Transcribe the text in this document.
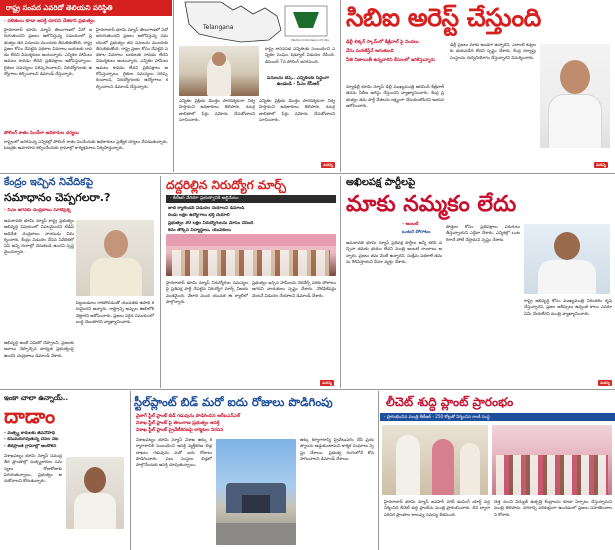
రాష్ట్ర సంపద ఎవరిదో తెలియని పరిస్థితి
- దళితులు కూడా ఆసక్తి చూపని చేతకాని ప్రభుత్వం
హైదరాబాద్ భూమి న్యూస్ తెలంగాణలో ఏదో జరుగుతుందని ప్రజలు ఆలోచిస్తున్న సమయంలో ప్రభుత్వం తన పనులను ముందుకు తీసుకెళుతోంది. రాష్ట్ర ప్రజల కోసం చేపట్టిన పథకాల వివరాలు బయటకు రావడం లేదని విమర్శకులు అంటున్నారు. ఎన్నికల హామీలు అమలు కావడం లేదని ప్రతిపక్షాలు ఆరోపిస్తున్నాయి. రైతుల సమస్యలు పరిష్కరించాలని, నిరుద్యోగులకు ఉద్యోగాలు కల్పించాలని డిమాండ్ చేస్తున్నారు.
హైదరాబాద్ భూమి న్యూస్ తెలంగాణలో ఏదో జరుగుతుందని ప్రజలు ఆలోచిస్తున్న సమయంలో ప్రభుత్వం తన పనులను ముందుకు తీసుకెళుతోంది. రాష్ట్ర ప్రజల కోసం చేపట్టిన పథకాల వివరాలు బయటకు రావడం లేదని విమర్శకులు అంటున్నారు. ఎన్నికల హామీలు అమలు కావడం లేదని ప్రతిపక్షాలు ఆరోపిస్తున్నాయి. రైతుల సమస్యలు పరిష్కరించాలని, నిరుద్యోగులకు ఉద్యోగాలు కల్పించాలని డిమాండ్ చేస్తున్నారు.
పోలింగ్ శాతం పెంచేలా అధికారుల చర్యలు
రాష్ట్రంలో జరగనున్న ఎన్నికల్లో పోలింగ్ శాతం పెంచేందుకు అధికారులు ప్రత్యేక చర్యలు చేపడుతున్నారు. ఓటర్లకు అవగాహన కల్పించేందుకు గ్రామాల్లో కార్యక్రమాలు నిర్వహిస్తున్నారు.
Telangana
Election Commission of India
రాష్ట్ర శాసనసభ ఎన్నికలకు సంబంధించి ఎన్నికల సంఘం షెడ్యూల్ విడుదల చేసింది. డిసెంబర్ 7న పోలింగ్ జరగనుంది.
పనులను బేష్.. ఎన్నికలకు సిద్ధంగా ఉండండి - సీఎం కేసీఆర్
ఎన్నికల ప్రక్రియ మొత్తం పారదర్శకంగా నిర్వహిస్తామని అధికారులు తెలిపారు. ఓటర్ల జాబితాలో పేర్లు నమోదు చేసుకోవాలని సూచించారు.
ఎన్నికల ప్రక్రియ మొత్తం పారదర్శకంగా నిర్వహిస్తామని అధికారులు తెలిపారు. ఓటర్ల జాబితాలో పేర్లు నమోదు చేసుకోవాలని సూచించారు.
మరిన్ని
సిబిఐ అరెస్ట్ చేస్తుంది
ఢిల్లీ లిక్కర్ స్కామ్‌లో కేజ్రీవాల్ పై నిందలు
నేను మరణిస్తేనే ఆగుతుంది
నీతి నిజాయితీ ఉన్నవారిని కేసులలో ఇరికిస్తున్నారు
న్యూఢిల్లీ భూమి న్యూస్ ఢిల్లీ ముఖ్యమంత్రి అరవింద్ కేజ్రీవాల్ తనను సీబీఐ అరెస్టు చేస్తుందని వ్యాఖ్యానించారు. కేంద్ర ప్రభుత్వం తమ పార్టీ నేతలను లక్ష్యంగా చేసుకుంటోందని ఆయన ఆరోపించారు.
ఢిల్లీ ప్రజలు మాకు అండగా ఉన్నారని, ఎలాంటి కుట్రలకు భయపడేది లేదని స్పష్టం చేశారు. కేంద్ర దర్యాప్తు సంస్థలను దుర్వినియోగం చేస్తున్నారని విమర్శించారు.
మరిన్ని
కేంద్రం ఇచ్చిన నివేదికపై
సమాధానం చెప్పగలరా.?
- సీఎం జగన్‌కు చంద్రబాబు సూటిప్రశ్న
అమరావతి భూమి న్యూస్ రాష్ట్ర ప్రభుత్వం అభివృద్ధి విషయంలో విఫలమైందని టీడీపీ అధినేత చంద్రబాబు నాయుడు విమర్శించారు. కేంద్రం విడుదల చేసిన నివేదికలో ఏపీ అన్ని రంగాల్లో వెనుకబడి ఉందని స్పష్టమైందన్నారు.
పెట్టుబడులు రాకపోవడంతో యువతకు ఉపాధి కరువైందని అన్నారు. రాష్ట్రాన్ని అప్పుల ఊబిలోకి నెట్టారని ఆరోపించారు. ప్రజలు సరైన సమయంలో బుద్ధి చెబుతారని వ్యాఖ్యానించారు.
అభివృద్ధి అంటే ఏమిటో చెప్పాలని, ప్రజలకు జవాబు చెప్పాల్సిన బాధ్యత ప్రభుత్వంపై ఉందని చంద్రబాబు డిమాండ్ చేశారు.
దద్దరిల్లిన నిరుద్యోగ మార్చ్
- కేటీఆర్ వేదికగా ప్రభుత్వానికి అల్టిమేటం
జాబ్ క్యాలెండర్ విడుదల చేయాలని డిమాండ్
రెండు లక్షల ఉద్యోగాలు భర్తీ చేయాలి
ప్రభుత్వం 30 లక్షల నిరుద్యోగులను మోసం చేసింది
కదం తొక్కిన విద్యార్థులు, యువకులు
హైదరాబాద్ భూమి న్యూస్ నిరుద్యోగుల సమస్యలపై ప్రతిపక్ష పార్టీ చేపట్టిన నిరుద్యోగ మార్చ్ విజయవంతమైంది. వేలాది మంది యువత ఈ ర్యాలీలో పాల్గొన్నారు.
ప్రభుత్వం ఇచ్చిన హామీలను నెరవేర్చే వరకు పోరాటం ఆగదని నాయకులు స్పష్టం చేశారు. నోటిఫికేషన్లు వెంటనే విడుదల చేయాలని డిమాండ్ చేశారు.
మరిన్ని
అఖిలపక్ష పార్టీలపై
మాకు నమ్మకం లేదు
- అంబటి
ఒంటరి పోరాటం
అమరావతి భూమి న్యూస్ ప్రతిపక్ష పార్టీలు అన్నీ కలిసి వచ్చినా తమకు భయం లేదని మంత్రి అంబటి రాంబాబు అన్నారు. ప్రజలు తమ వెంటే ఉన్నారని, సంక్షేమ పథకాలే తమను గెలిపిస్తాయని ధీమా వ్యక్తం చేశారు.
పొత్తుల కోసం ప్రతిపక్షాలు పరుగులు తీస్తున్నాయని ఎద్దేవా చేశారు. ఎన్నికల్లో ఒంటరిగానే పోటీ చేస్తామని స్పష్టం చేశారు.
రాష్ట్ర అభివృద్ధి కోసం ముఖ్యమంత్రి నిరంతరం కృషి చేస్తున్నారని, ప్రజల ఆశీస్సులు ఉన్నంత కాలం ఎవరూ ఏమీ చేయలేరని మంత్రి వ్యాఖ్యానించారు.
మరిన్ని
ఇంకా చాలా ఉన్నాయ్..
దాడాం
- మత్స్య కారులకు జీవనోపాధి
- కనుమరుగవుతున్న చేపల వేట
- తీరప్రాంత గ్రామాల్లో ఆందోళన
విశాఖపట్నం భూమి న్యూస్ సముద్ర తీర ప్రాంతాల్లో మత్స్యకారుల సమస్యలు రోజురోజుకు పెరుగుతున్నాయి. ప్రభుత్వం ఆదుకోవాలని కోరుతున్నారు.
స్టీల్‌ప్లాంట్ బిడ్ మరో ఐదు రోజులు పొడిగింపు
వైజాగ్ స్టీల్ ప్లాంట్ బిడ్ గడువును పొడిగించిన ఆర్ఐఎన్ఎల్
విశాఖ స్టీల్ ప్లాంట్ పై తెలంగాణ ప్రభుత్వం ఆసక్తి
విశాఖ స్టీల్ ప్లాంట్ ప్రైవేటీకరణపై కార్మికుల నిరసన
విశాఖపట్నం భూమి న్యూస్ విశాఖ ఉక్కు కర్మాగారానికి సంబంధించి ఆసక్తి వ్యక్తీకరణ బిడ్ల దాఖలు గడువును మరో ఐదు రోజులు పొడిగించారు. పలు సంస్థలు బిడ్లలో పాల్గొనేందుకు ఆసక్తి చూపుతున్నాయి.
ఉక్కు కర్మాగారాన్ని ప్రైవేటుపరం చేసే ప్రయత్నాలను అడ్డుకుంటామని కార్మిక సంఘాలు స్పష్టం చేశాయి. ప్రభుత్వ రంగంలోనే కొనసాగించాలని డిమాండ్ చేశాయి.
లీచెట్ శుద్ధి ప్లాంట్ ప్రారంభం
- ప్రారంభించిన మంత్రి కేటీఆర్ - 250 కోట్లతో నిర్మించిన రాంకీ సంస్థ
హైదరాబాద్ భూమి న్యూస్ జవహర్ నగర్ డంపింగ్ యార్డ్ వద్ద నిర్మించిన లీచెట్ శుద్ధి ప్లాంట్‌ను మంత్రి ప్రారంభించారు. దీని ద్వారా పరిసర ప్రాంతాల కాలుష్య సమస్య తీరనుంది.
చెత్త నుంచి విద్యుత్ ఉత్పత్తి కేంద్రాలను కూడా ఏర్పాటు చేస్తున్నామని మంత్రి తెలిపారు. నగరాన్ని పరిశుభ్రంగా ఉంచడంలో ప్రజలు సహకరించాలని కోరారు.
